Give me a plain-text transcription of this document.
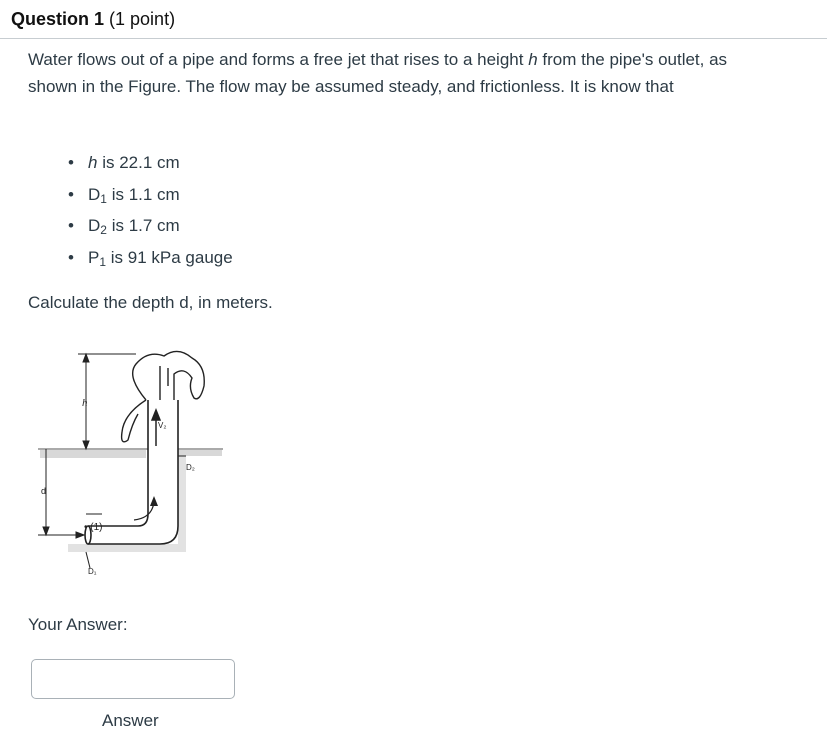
Question 1 (1 point)

Water flows out of a pipe and forms a free jet that rises to a height h from the pipe's outlet, as shown in the Figure. The flow may be assumed steady, and frictionless. It is know that

• h is 22.1 cm
• $D_1$ is 1.1 cm
• $D_2$ is 1.7 cm
• $P_1$ is 91 kPa gauge
Calculate the depth d, in meters.
h
V₂
D₂
d
• (1)
D₁
Your Answer:
Answer
